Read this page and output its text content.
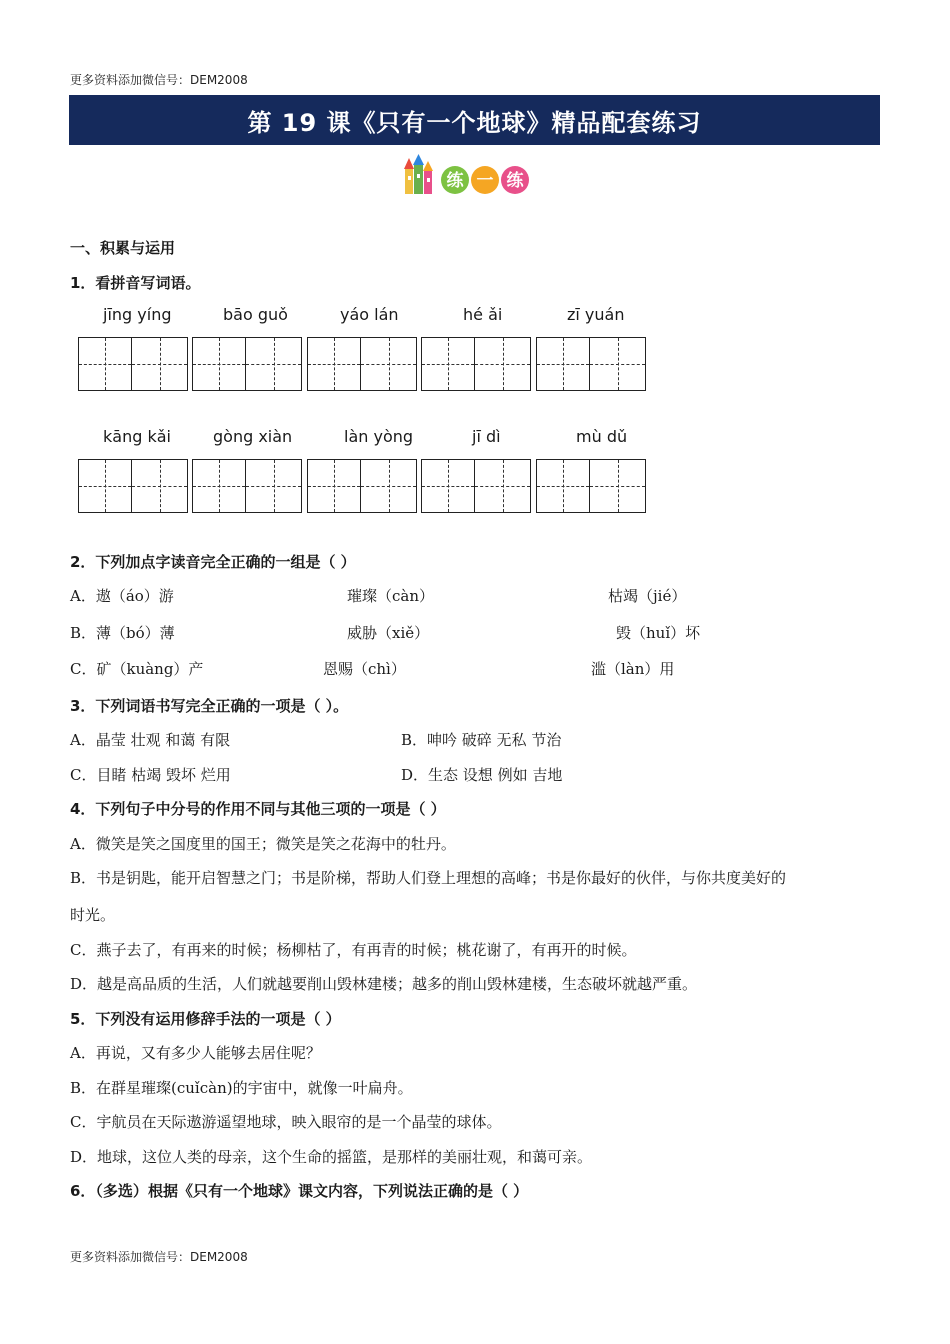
更多资料添加微信号：DEM2008
第 19 课《只有一个地球》精品配套练习
练 一 练
一、积累与运用
1．看拼音写词语。
jīng yíng	bāo guǒ	yáo lán	hé ǎi	zī yuán
kāng kǎi	gòng xiàn	làn yòng	jī dì	mù dǔ
2．下列加点字读音完全正确的一组是（ ）
A．遨（áo）游	璀璨（càn）	枯竭（jié）
B．薄（bó）薄	威胁（xiě）	毁（huǐ）坏
C．矿（kuàng）产	恩赐（chì）	滥（làn）用
3．下列词语书写完全正确的一项是（ ）。
A．晶莹 壮观 和蔼 有限	B．呻吟 破碎 无私 节治
C．目睹 枯竭 毁坏 烂用	D．生态 设想 例如 吉地
4．下列句子中分号的作用不同与其他三项的一项是（ ）
A．微笑是笑之国度里的国王；微笑是笑之花海中的牡丹。
B．书是钥匙，能开启智慧之门；书是阶梯，帮助人们登上理想的高峰；书是你最好的伙伴，与你共度美好的
时光。
C．燕子去了，有再来的时候；杨柳枯了，有再青的时候；桃花谢了，有再开的时候。
D．越是高品质的生活，人们就越要削山毁林建楼；越多的削山毁林建楼，生态破坏就越严重。
5．下列没有运用修辞手法的一项是（ ）
A．再说，又有多少人能够去居住呢？
B．在群星璀璨(cuǐcàn)的宇宙中，就像一叶扁舟。
C．宇航员在天际遨游遥望地球，映入眼帘的是一个晶莹的球体。
D．地球，这位人类的母亲，这个生命的摇篮，是那样的美丽壮观，和蔼可亲。
6．（多选）根据《只有一个地球》课文内容，下列说法正确的是（ ）
更多资料添加微信号：DEM2008
